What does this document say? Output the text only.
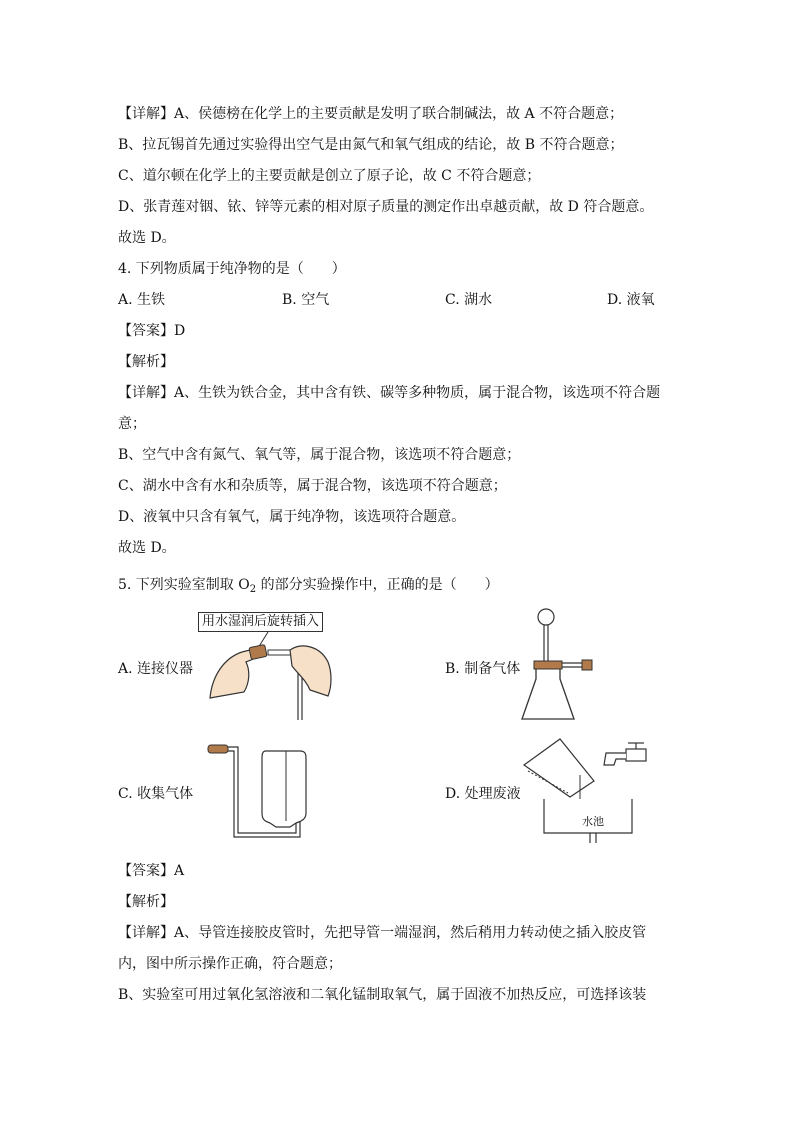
【详解】A、侯德榜在化学上的主要贡献是发明了联合制碱法，故 A 不符合题意；
B、拉瓦锡首先通过实验得出空气是由氮气和氧气组成的结论，故 B 不符合题意；
C、道尔顿在化学上的主要贡献是创立了原子论，故 C 不符合题意；
D、张青莲对铟、铱、锌等元素的相对原子质量的测定作出卓越贡献，故 D 符合题意。
故选 D。
4. 下列物质属于纯净物的是（　　）
A. 生铁	B. 空气	C. 湖水	D. 液氧
【答案】D
【解析】
【详解】A、生铁为铁合金，其中含有铁、碳等多种物质，属于混合物，该选项不符合题
意；
B、空气中含有氮气、氧气等，属于混合物，该选项不符合题意；
C、湖水中含有水和杂质等，属于混合物，该选项不符合题意；
D、液氧中只含有氧气，属于纯净物，该选项符合题意。
故选 D。
5. 下列实验室制取 $O_2$ 的部分实验操作中，正确的是（　　）
A. 连接仪器	B. 制备气体
C. 收集气体	D. 处理废液
用水湿润后旋转插入
水池
【答案】A
【解析】
【详解】A、导管连接胶皮管时，先把导管一端湿润，然后稍用力转动使之插入胶皮管
内，图中所示操作正确，符合题意；
B、实验室可用过氧化氢溶液和二氧化锰制取氧气，属于固液不加热反应，可选择该装
